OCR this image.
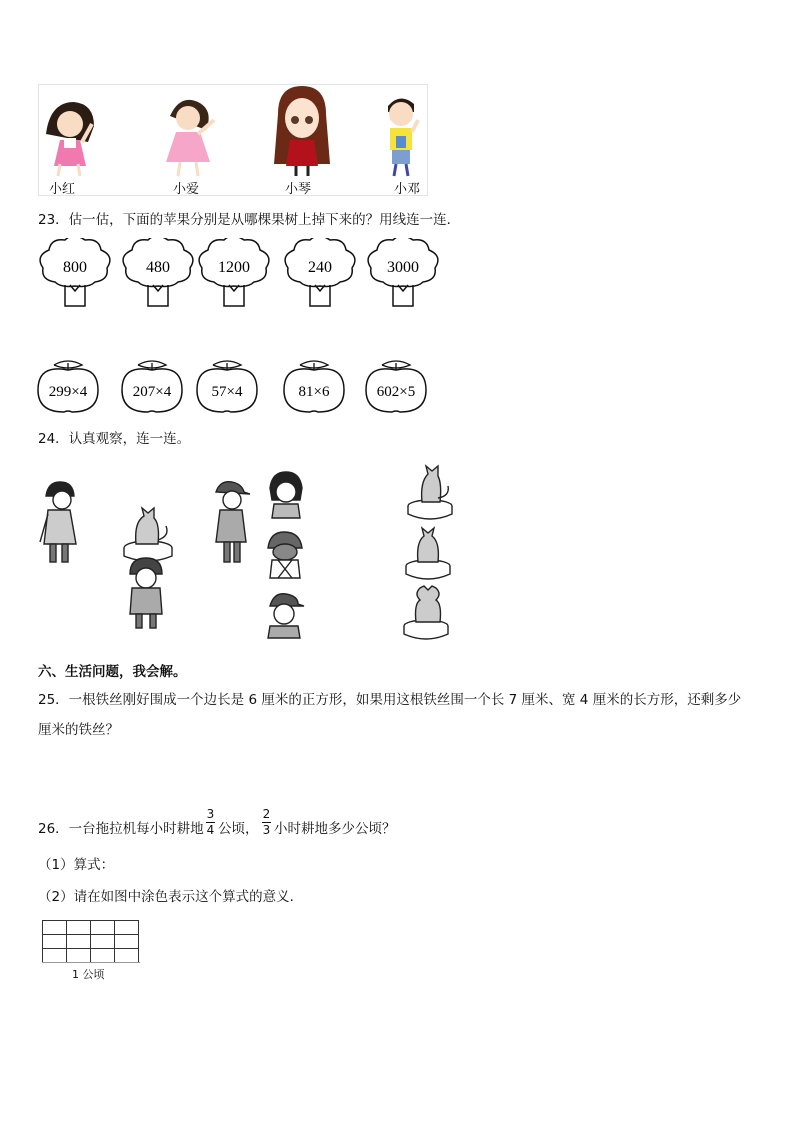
小红	小爱	小琴	小邓
23．估一估，下面的苹果分别是从哪棵果树上掉下来的？用线连一连．
800	480	1200	240	3000
299×4	207×4	57×4	81×6	602×5
24．认真观察，连一连。
六、生活问题，我会解。
25．一根铁丝刚好围成一个边长是 6 厘米的正方形，如果用这根铁丝围一个长 7 厘米、宽 4 厘米的长方形，还剩多少
厘米的铁丝？
26．一台拖拉机每小时耕地
3
4 公顷，
2
3 小时耕地多少公顷？
（1）算式：
（2）请在如图中涂色表示这个算式的意义．

1 公顷
